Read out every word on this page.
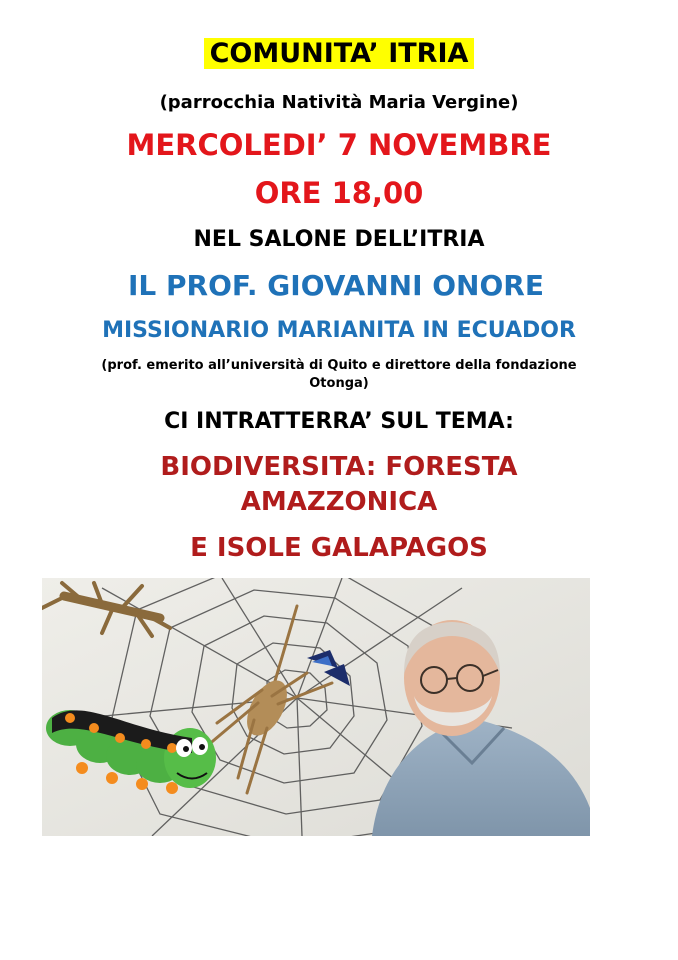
COMUNITA’ ITRIA
(parrocchia Natività Maria Vergine)
MERCOLEDI’ 7 NOVEMBRE
ORE 18,00
NEL SALONE DELL’ITRIA
IL PROF. GIOVANNI ONORE
MISSIONARIO MARIANITA IN ECUADOR
(prof. emerito all’università di Quito e direttore della fondazione
Otonga)
CI INTRATTERRA’ SUL TEMA:
BIODIVERSITA: FORESTA
AMAZZONICA
E ISOLE GALAPAGOS
